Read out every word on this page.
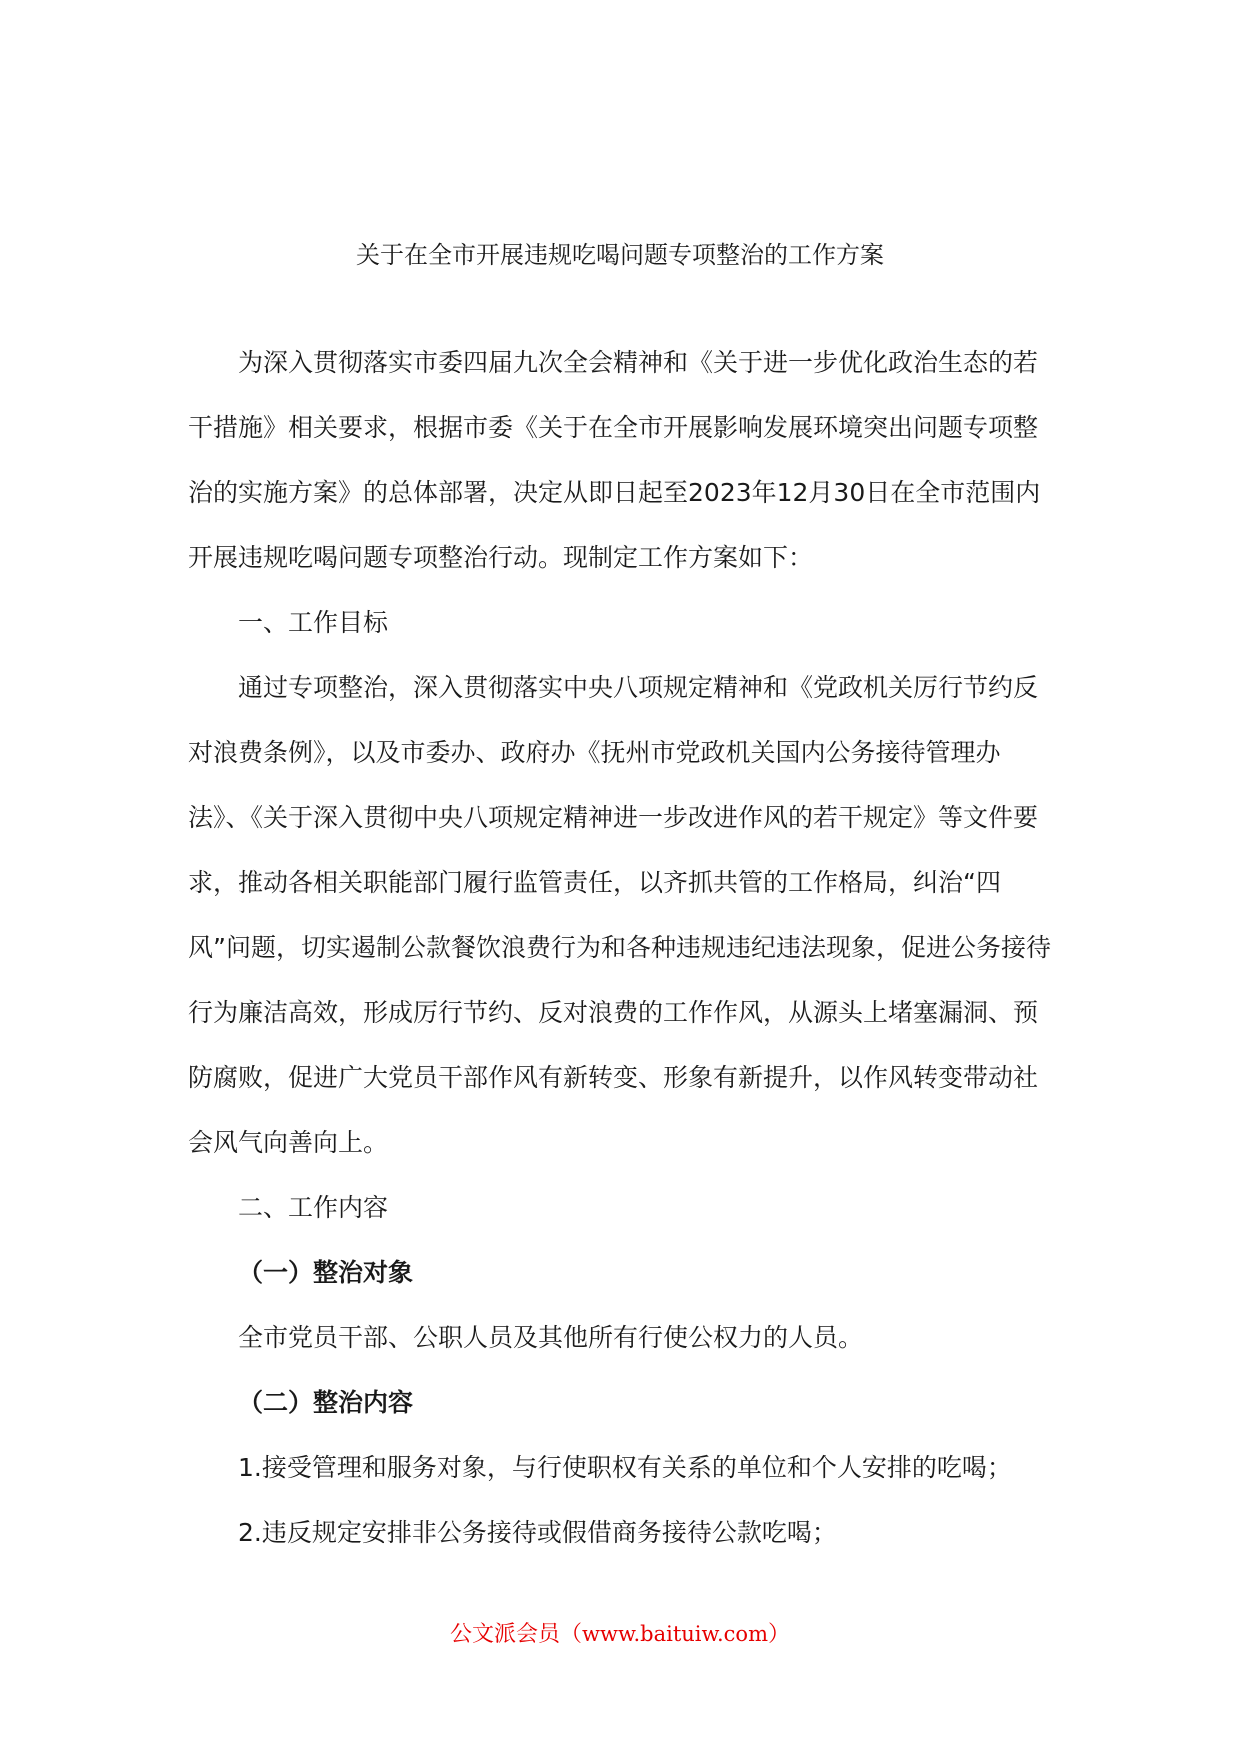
关于在全市开展违规吃喝问题专项整治的工作方案

为深入贯彻落实市委四届九次全会精神和《关于进一步优化政治生态的若干措施》相关要求，根据市委《关于在全市开展影响发展环境突出问题专项整治的实施方案》的总体部署，决定从即日起至2023年12月30日在全市范围内开展违规吃喝问题专项整治行动。现制定工作方案如下：

一、工作目标

通过专项整治，深入贯彻落实中央八项规定精神和《党政机关厉行节约反对浪费条例》，以及市委办、政府办《抚州市党政机关国内公务接待管理办法》、《关于深入贯彻中央八项规定精神进一步改进作风的若干规定》等文件要求，推动各相关职能部门履行监管责任，以齐抓共管的工作格局，纠治“四风”问题，切实遏制公款餐饮浪费行为和各种违规违纪违法现象，促进公务接待行为廉洁高效，形成厉行节约、反对浪费的工作作风，从源头上堵塞漏洞、预防腐败，促进广大党员干部作风有新转变、形象有新提升，以作风转变带动社会风气向善向上。

二、工作内容

（一）整治对象

全市党员干部、公职人员及其他所有行使公权力的人员。

（二）整治内容

1.接受管理和服务对象，与行使职权有关系的单位和个人安排的吃喝；

2.违反规定安排非公务接待或假借商务接待公款吃喝；

公文派会员（www.baituiw.com）
